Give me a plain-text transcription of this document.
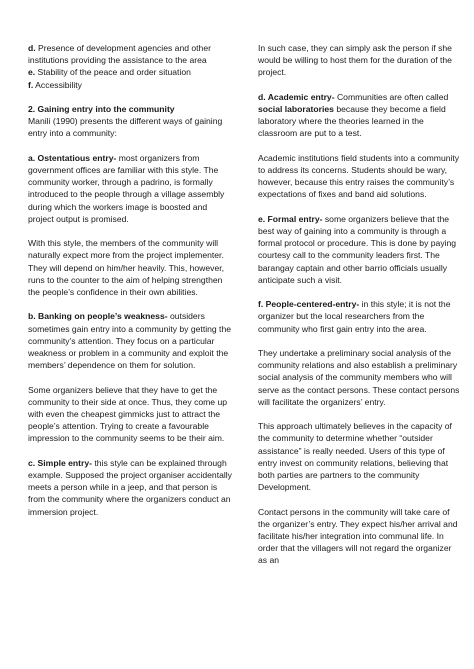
d. Presence of development agencies and other institutions providing the assistance to the area
e. Stability of the peace and order situation
f. Accessibility
2. Gaining entry into the community
Manili (1990) presents the different ways of gaining entry into a community:
a. Ostentatious entry- most organizers from government offices are familiar with this style. The community worker, through a padrino, is formally introduced to the people through a village assembly during which the workers image is boosted and project output is promised.
With this style, the members of the community will naturally expect more from the project implementer. They will depend on him/her heavily. This, however, runs to the counter to the aim of helping strengthen the people’s confidence in their own abilities.
b. Banking on people’s weakness- outsiders sometimes gain entry into a community by getting the community’s attention. They focus on a particular weakness or problem in a community and exploit the members’ dependence on them for solution.
Some organizers believe that they have to get the community to their side at once. Thus, they come up with even the cheapest gimmicks just to attract the people’s attention. Trying to create a favourable impression to the community seems to be their aim.
c. Simple entry- this style can be explained through example. Supposed the project organiser accidentally meets a person while in a jeep, and that person is from the community where the organizers conduct an immersion project.
In such case, they can simply ask the person if she would be willing to host them for the duration of the project.
d. Academic entry- Communities are often called social laboratories because they become a field laboratory where the theories learned in the classroom are put to a test.
Academic institutions field students into a community to address its concerns. Students should be wary, however, because this entry raises the community’s expectations of fixes and band aid solutions.
e. Formal entry- some organizers believe that the best way of gaining into a community is through a formal protocol or procedure. This is done by paying courtesy call to the community leaders first. The barangay captain and other barrio officials usually anticipate such a visit.
f. People-centered-entry- in this style; it is not the organizer but the local researchers from the community who first gain entry into the area.
They undertake a preliminary social analysis of the community relations and also establish a preliminary social analysis of the community members who will serve as the contact persons. These contact persons will facilitate the organizers’ entry.
This approach ultimately believes in the capacity of the community to determine whether “outsider assistance” is really needed. Users of this type of entry invest on community relations, believing that both parties are partners to the community Development.
Contact persons in the community will take care of the organizer’s entry. They expect his/her arrival and facilitate his/her integration into communal life. In order that the villagers will not regard the organizer as an
